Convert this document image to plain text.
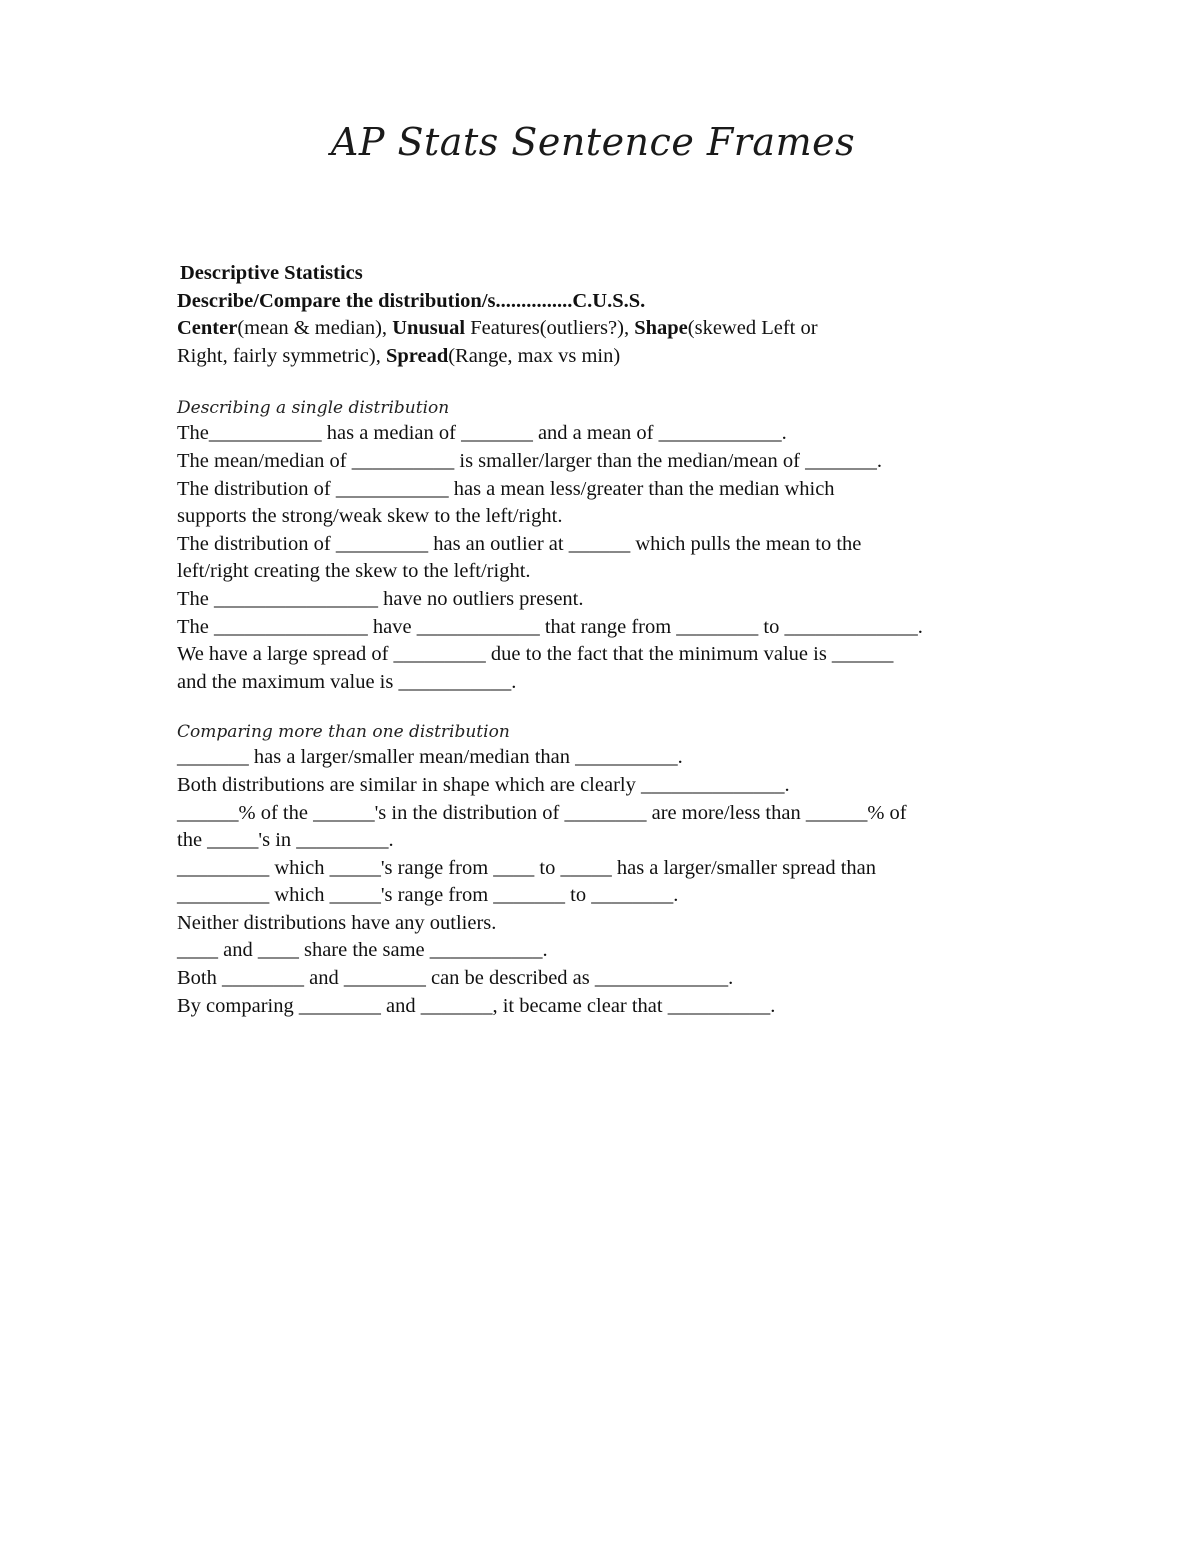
AP Stats Sentence Frames
Descriptive Statistics
Describe/Compare the distribution/s...............C.U.S.S.
Center(mean & median), Unusual Features(outliers?), Shape(skewed Left or
Right, fairly symmetric), Spread(Range, max vs min)
Describing a single distribution
The___________ has a median of _______ and a mean of ____________.
The mean/median of __________ is smaller/larger than the median/mean of _______.
The distribution of ___________ has a mean less/greater than the median which
supports the strong/weak skew to the left/right.
The distribution of _________ has an outlier at ______ which pulls the mean to the
left/right creating the skew to the left/right.
The ________________ have no outliers present.
The _______________ have ____________ that range from ________ to _____________.
We have a large spread of _________ due to the fact that the minimum value is ______
and the maximum value is ___________.
Comparing more than one distribution
_______ has a larger/smaller mean/median than __________.
Both distributions are similar in shape which are clearly ______________.
______% of the ______'s in the distribution of ________ are more/less than ______% of
the _____'s in _________.
_________ which _____'s range from ____ to _____ has a larger/smaller spread than
_________ which _____'s range from _______ to ________.
Neither distributions have any outliers.
____ and ____ share the same ___________.
Both ________ and ________ can be described as _____________.
By comparing ________ and _______, it became clear that __________.
